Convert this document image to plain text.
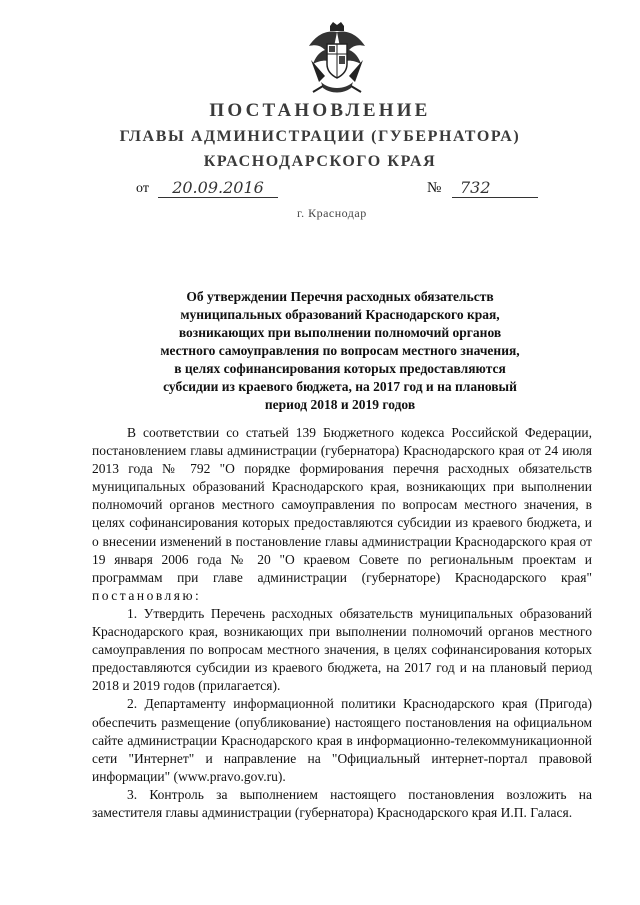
ПОСТАНОВЛЕНИЕ
ГЛАВЫ АДМИНИСТРАЦИИ (ГУБЕРНАТОРА)
КРАСНОДАРСКОГО КРАЯ
от	20.09.2016	№	732
г. Краснодар
Об утверждении Перечня расходных обязательств
муниципальных образований Краснодарского края,
возникающих при выполнении полномочий органов
местного самоуправления по вопросам местного значения,
в целях софинансирования которых предоставляются
субсидии из краевого бюджета, на 2017 год и на плановый
период 2018 и 2019 годов

В соответствии со статьей 139 Бюджетного кодекса Российской Федерации, постановлением главы администрации (губернатора) Краснодарского края от 24 июля 2013 года № 792 "О порядке формирования перечня расходных обязательств муниципальных образований Краснодарского края, возникающих при выполнении полномочий органов местного самоуправления по вопросам местного значения, в целях софинансирования которых предоставляются субсидии из краевого бюджета, и о внесении изменений в постановление главы администрации Краснодарского края от 19 января 2006 года № 20 "О краевом Совете по региональным проектам и программам при главе администрации (губернаторе) Краснодарского края" постановляю:

1. Утвердить Перечень расходных обязательств муниципальных образований Краснодарского края, возникающих при выполнении полномочий органов местного самоуправления по вопросам местного значения, в целях софинансирования которых предоставляются субсидии из краевого бюджета, на 2017 год и на плановый период 2018 и 2019 годов (прилагается).

2. Департаменту информационной политики Краснодарского края (Пригода) обеспечить размещение (опубликование) настоящего постановления на официальном сайте администрации Краснодарского края в информационно-телекоммуникационной сети "Интернет" и направление на "Официальный интернет-портал правовой информации" (www.pravo.gov.ru).

3. Контроль за выполнением настоящего постановления возложить на заместителя главы администрации (губернатора) Краснодарского края И.П. Галася.
